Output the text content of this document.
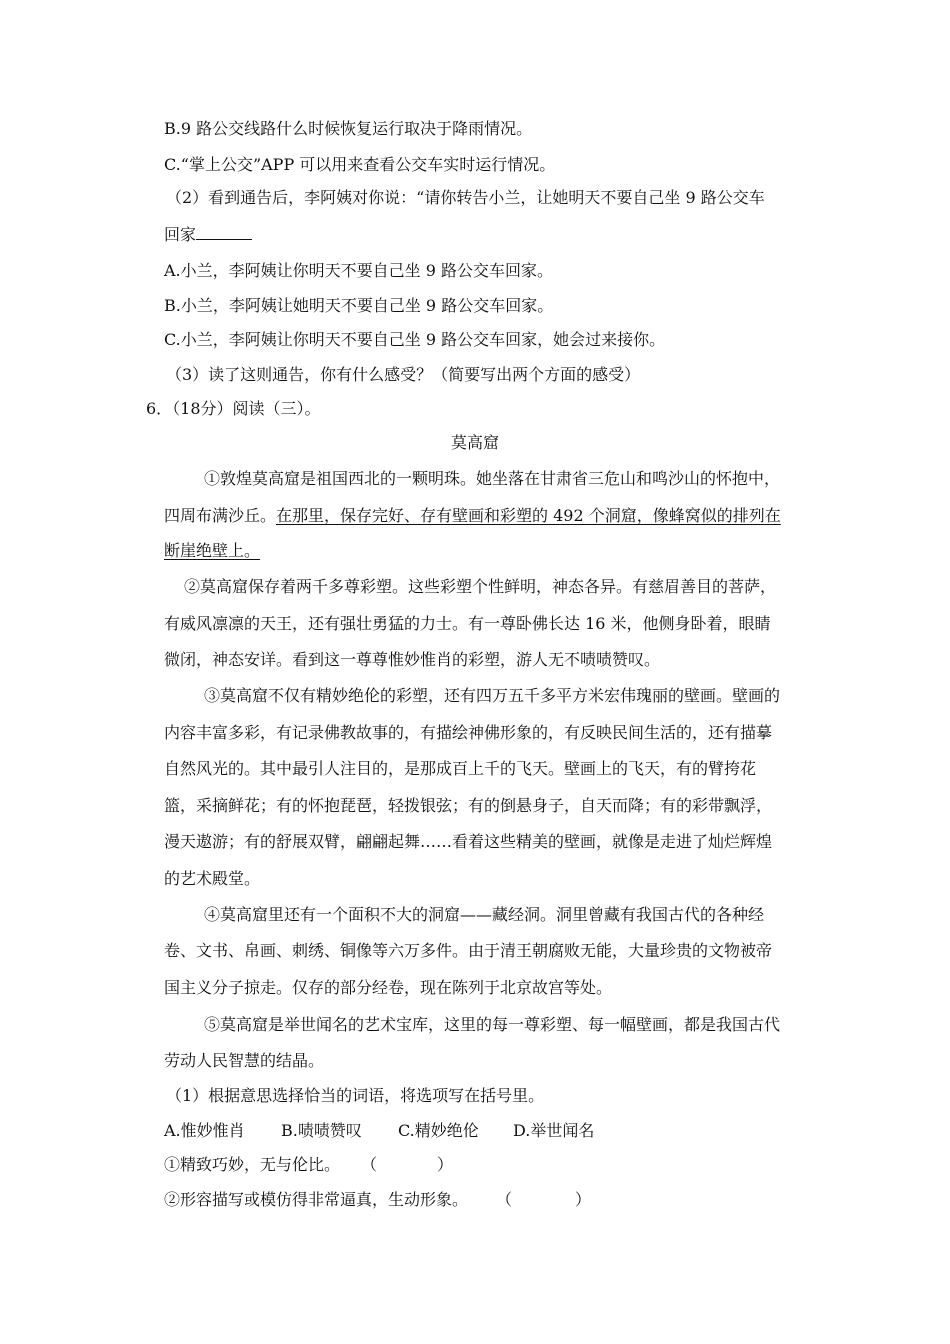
B.9 路公交线路什么时候恢复运行取决于降雨情况。
C.“掌上公交”APP 可以用来查看公交车实时运行情况。
（2）看到通告后，李阿姨对你说：“请你转告小兰，让她明天不要自己坐 9 路公交车
回家
A.小兰，李阿姨让你明天不要自己坐 9 路公交车回家。
B.小兰，李阿姨让她明天不要自己坐 9 路公交车回家。
C.小兰，李阿姨让你明天不要自己坐 9 路公交车回家，她会过来接你。
（3）读了这则通告，你有什么感受？（简要写出两个方面的感受）
6．（18分）阅读（三）。
莫高窟
①敦煌莫高窟是祖国西北的一颗明珠。她坐落在甘肃省三危山和鸣沙山的怀抱中，
四周布满沙丘。在那里，保存完好、存有壁画和彩塑的 492 个洞窟，像蜂窝似的排列在
断崖绝壁上。
②莫高窟保存着两千多尊彩塑。这些彩塑个性鲜明，神态各异。有慈眉善目的菩萨，
有威风凛凛的天王，还有强壮勇猛的力士。有一尊卧佛长达 16 米，他侧身卧着，眼睛
微闭，神态安详。看到这一尊尊惟妙惟肖的彩塑，游人无不啧啧赞叹。
③莫高窟不仅有精妙绝伦的彩塑，还有四万五千多平方米宏伟瑰丽的壁画。壁画的
内容丰富多彩，有记录佛教故事的，有描绘神佛形象的，有反映民间生活的，还有描摹
自然风光的。其中最引人注目的，是那成百上千的飞天。壁画上的飞天，有的臂挎花
篮，采摘鲜花；有的怀抱琵琶，轻拨银弦；有的倒悬身子，自天而降；有的彩带飘浮，
漫天遨游；有的舒展双臂，翩翩起舞……看着这些精美的壁画，就像是走进了灿烂辉煌
的艺术殿堂。
④莫高窟里还有一个面积不大的洞窟——藏经洞。洞里曾藏有我国古代的各种经
卷、文书、帛画、刺绣、铜像等六万多件。由于清王朝腐败无能，大量珍贵的文物被帝
国主义分子掠走。仅存的部分经卷，现在陈列于北京故宫等处。
⑤莫高窟是举世闻名的艺术宝库，这里的每一尊彩塑、每一幅壁画，都是我国古代
劳动人民智慧的结晶。
（1）根据意思选择恰当的词语，将选项写在括号里。
A.惟妙惟肖 B.啧啧赞叹 C.精妙绝伦 D.举世闻名
①精致巧妙，无与伦比。 （	）
②形容描写或模仿得非常逼真，生动形象。 （	）
